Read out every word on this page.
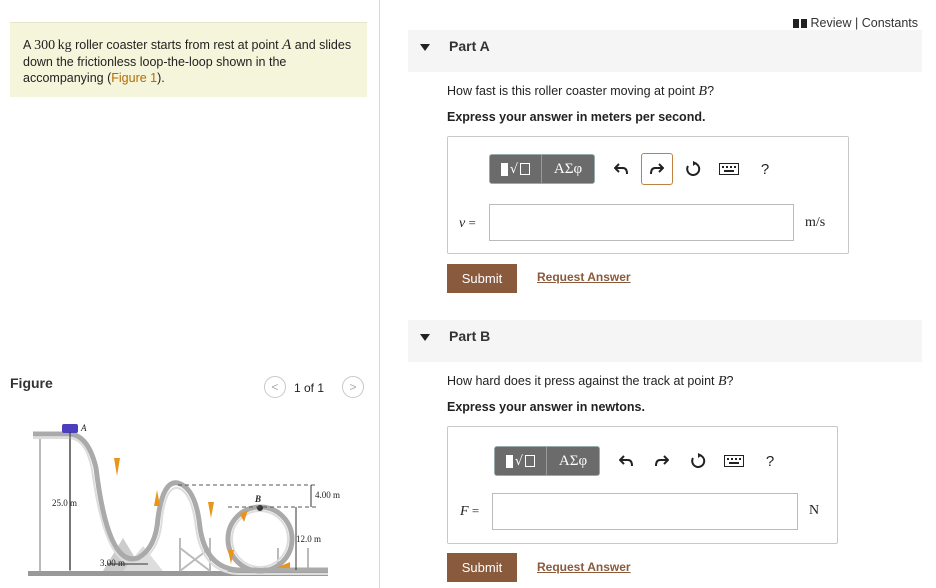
A 300  kg roller coaster starts from rest at point A and slides down the frictionless loop-the-loop shown in the accompanying (Figure 1).
Figure	<	1 of 1	>
A
B
25.0 m
4.00 m
12.0 m
3.00 m
Review | Constants
Part A
How fast is this roller coaster moving at point B?
Express your answer in meters per second.
√	ΑΣφ	?
v =	m/s
Submit	Request Answer
Part B
How hard does it press against the track at point B?
Express your answer in newtons.
√	ΑΣφ	?
F =	N
Submit	Request Answer
